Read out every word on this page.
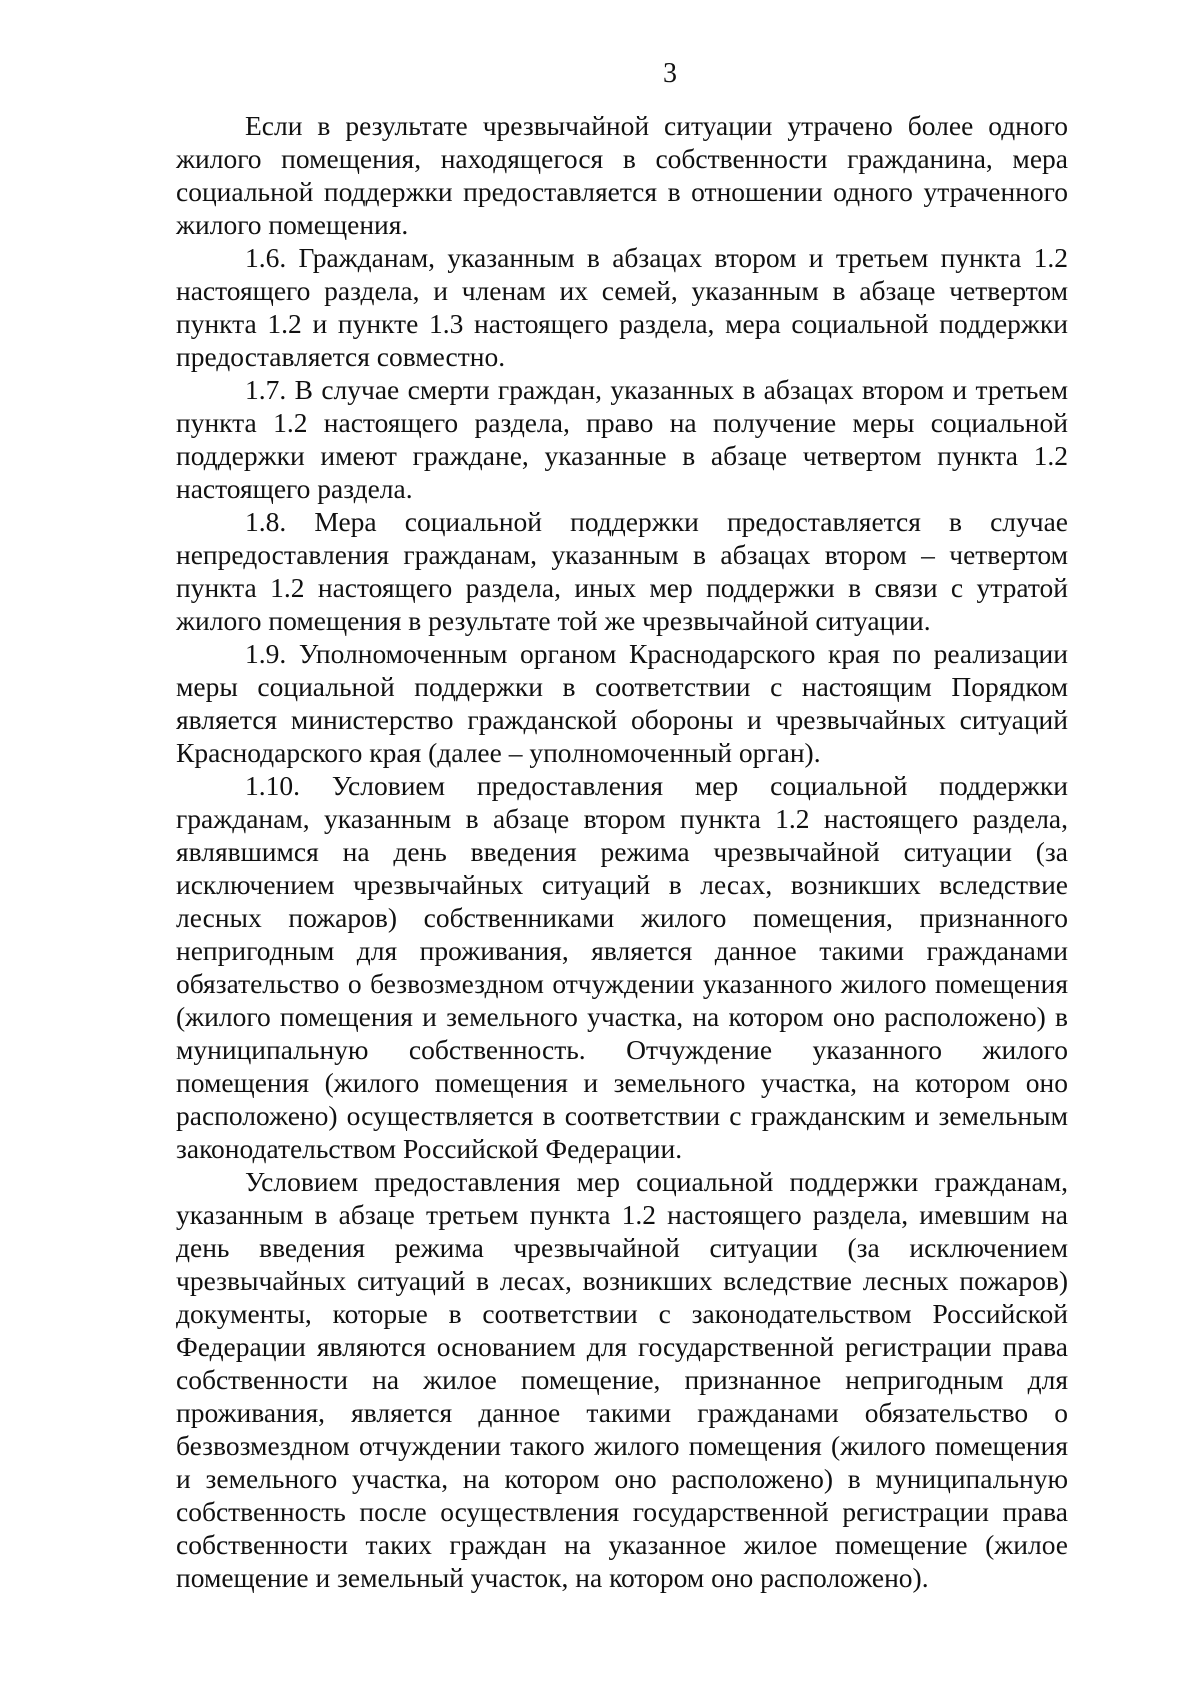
3

Если в результате чрезвычайной ситуации утрачено более одного жилого помещения, находящегося в собственности гражданина, мера социальной поддержки предоставляется в отношении одного утраченного жилого помещения.

1.6. Гражданам, указанным в абзацах втором и третьем пункта 1.2 настоящего раздела, и членам их семей, указанным в абзаце четвертом пункта 1.2 и пункте 1.3 настоящего раздела, мера социальной поддержки предоставляется совместно.

1.7. В случае смерти граждан, указанных в абзацах втором и третьем пункта 1.2 настоящего раздела, право на получение меры социальной поддержки имеют граждане, указанные в абзаце четвертом пункта 1.2 настоящего раздела.

1.8. Мера социальной поддержки предоставляется в случае непредоставления гражданам, указанным в абзацах втором – четвертом пункта 1.2 настоящего раздела, иных мер поддержки в связи с утратой жилого помещения в результате той же чрезвычайной ситуации.

1.9. Уполномоченным органом Краснодарского края по реализации меры социальной поддержки в соответствии с настоящим Порядком является министерство гражданской обороны и чрезвычайных ситуаций Краснодарского края (далее – уполномоченный орган).

1.10. Условием предоставления мер социальной поддержки гражданам, указанным в абзаце втором пункта 1.2 настоящего раздела, являвшимся на день введения режима чрезвычайной ситуации (за исключением чрезвычайных ситуаций в лесах, возникших вследствие лесных пожаров) собственниками жилого помещения, признанного непригодным для проживания, является данное такими гражданами обязательство о безвозмездном отчуждении указанного жилого помещения (жилого помещения и земельного участка, на котором оно расположено) в муниципальную собственность. Отчуждение указанного жилого помещения (жилого помещения и земельного участка, на котором оно расположено) осуществляется в соответствии с гражданским и земельным законодательством Российской Федерации.

Условием предоставления мер социальной поддержки гражданам, указанным в абзаце третьем пункта 1.2 настоящего раздела, имевшим на день введения режима чрезвычайной ситуации (за исключением чрезвычайных ситуаций в лесах, возникших вследствие лесных пожаров) документы, которые в соответствии с законодательством Российской Федерации являются основанием для государственной регистрации права собственности на жилое помещение, признанное непригодным для проживания, является данное такими гражданами обязательство о безвозмездном отчуждении такого жилого помещения (жилого помещения и земельного участка, на котором оно расположено) в муниципальную собственность после осуществления государственной регистрации права собственности таких граждан на указанное жилое помещение (жилое помещение и земельный участок, на котором оно расположено).
